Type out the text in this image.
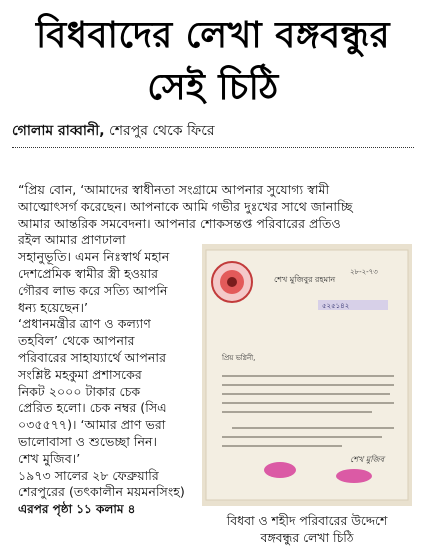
বিধবাদের লেখা বঙ্গবন্ধুর
সেই চিঠি
গোলাম রাব্বানী, শেরপুর থেকে ফিরে
“প্রিয় বোন, ‘আমাদের স্বাধীনতা সংগ্রামে আপনার সুযোগ্য স্বামী
আত্মোৎসর্গ করেছেন। আপনাকে আমি গভীর দুঃখের সাথে জানাচ্ছি
আমার আন্তরিক সমবেদনা। আপনার শোকসন্তপ্ত পরিবারের প্রতিও
রইল আমার প্রাণঢালা
সহানুভূতি। এমন নিঃস্বার্থ মহান
দেশপ্রেমিক স্বামীর স্ত্রী হওয়ার
গৌরব লাভ করে সত্যি আপনি
ধন্য হয়েছেন।’
‘প্রধানমন্ত্রীর ত্রাণ ও কল্যাণ
তহবিল’ থেকে আপনার
পরিবারের সাহায্যার্থে আপনার
সংশ্লিষ্ট মহকুমা প্রশাসকের
নিকট ২০০০ টাকার চেক
প্রেরিত হলো। চেক নম্বর (সিএ
০৩৫৫৭৭)। ‘আমার প্রাণ ভরা
ভালোবাসা ও শুভেচ্ছা নিন।
শেখ মুজিব।’
১৯৭৩ সালের ২৮ ফেব্রুয়ারি
শেরপুরের (তৎকালীন ময়মনসিংহ)
এরপর পৃষ্ঠা ১১ কলাম ৪
শেখ মুজিবুর রহমান
২৮-২-৭৩
৫২৫১৪২
প্রিয় ভগ্নিনী,
শেখ মুজিব
বিধবা ও শহীদ পরিবারের উদ্দেশে
বঙ্গবন্ধুর লেখা চিঠি
